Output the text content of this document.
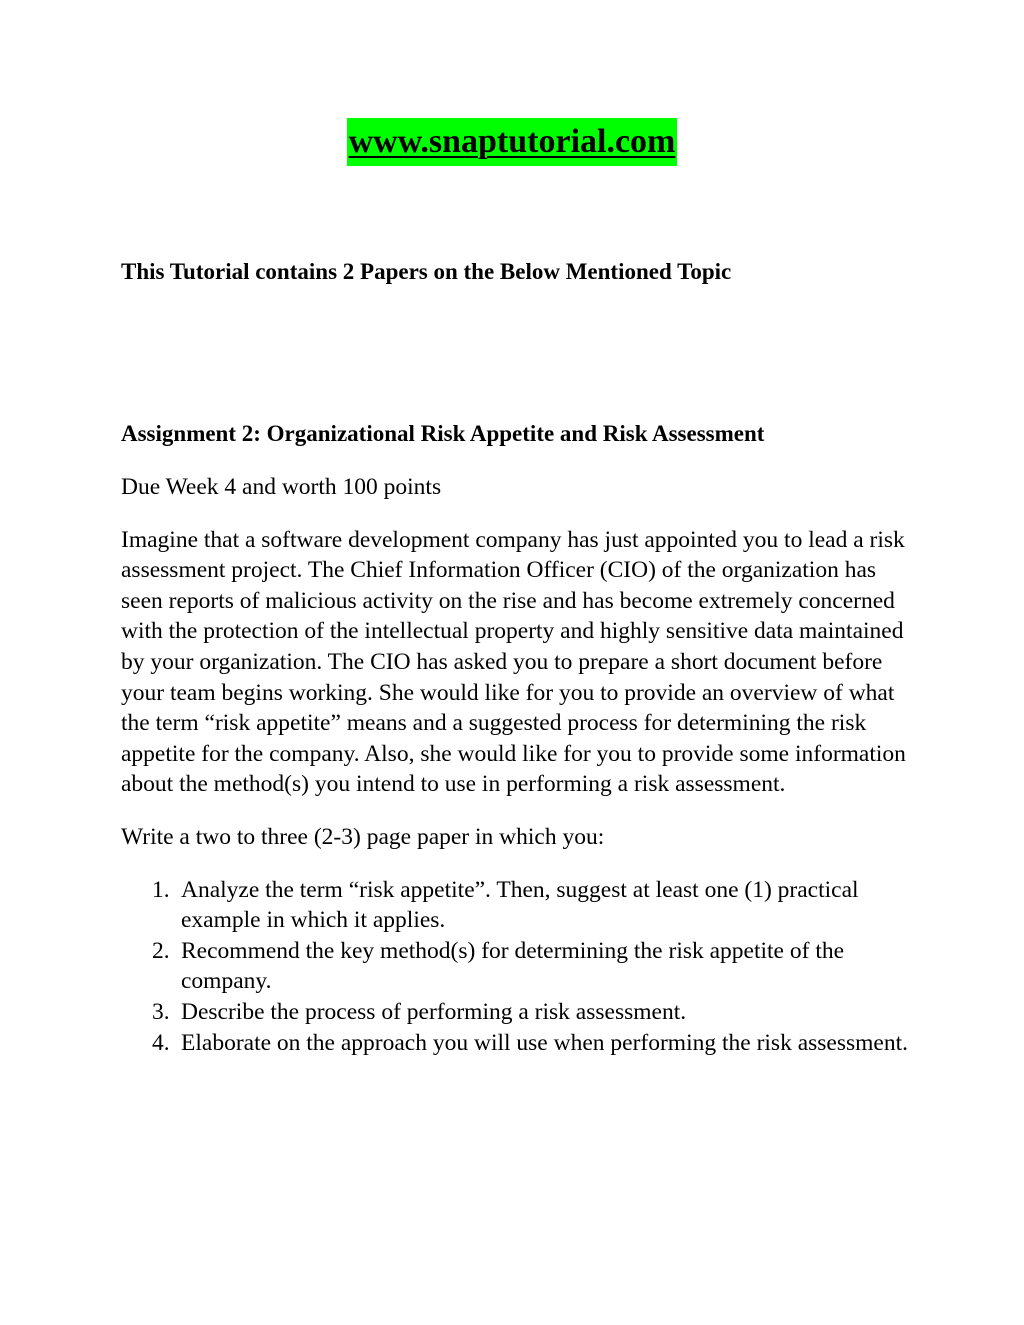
www.snaptutorial.com

This Tutorial contains 2 Papers on the Below Mentioned Topic

Assignment 2: Organizational Risk Appetite and Risk Assessment

Due Week 4 and worth 100 points

Imagine that a software development company has just appointed you to lead a risk assessment project. The Chief Information Officer (CIO) of the organization has seen reports of malicious activity on the rise and has become extremely concerned with the protection of the intellectual property and highly sensitive data maintained by your organization. The CIO has asked you to prepare a short document before your team begins working. She would like for you to provide an overview of what the term “risk appetite” means and a suggested process for determining the risk appetite for the company. Also, she would like for you to provide some information about the method(s) you intend to use in performing a risk assessment.

Write a two to three (2-3) page paper in which you:

1. Analyze the term “risk appetite”. Then, suggest at least one (1) practical example in which it applies.
2. Recommend the key method(s) for determining the risk appetite of the company.
3. Describe the process of performing a risk assessment.
4. Elaborate on the approach you will use when performing the risk assessment.
